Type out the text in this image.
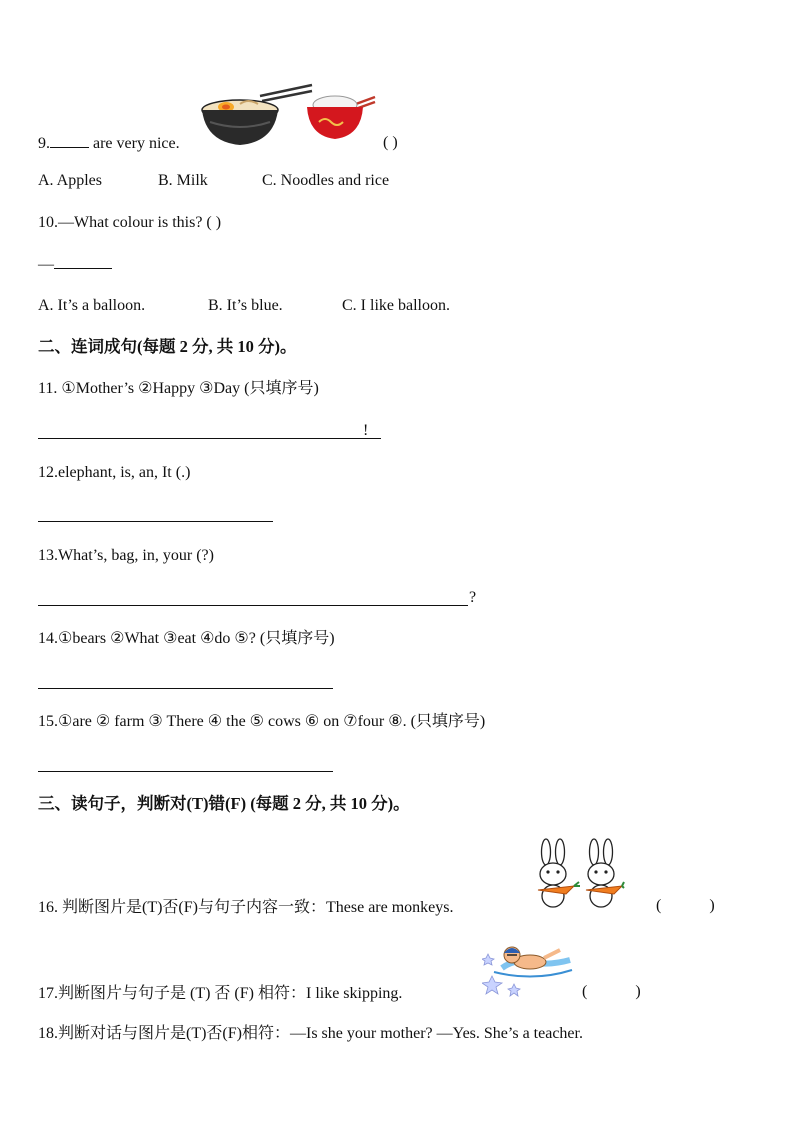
9. are very nice.	( )
A. Apples	B. Milk	C. Noodles and rice
10.—What colour is this? ( )
—
A. It’s a balloon.	B. It’s blue.	C. I like balloon.
二、连词成句(每题 2 分, 共 10 分)。
11. ①Mother’s ②Happy ③Day (只填序号)
!
12.elephant, is, an, It (.)
13.What’s, bag, in, your (?)
?
14.①bears ②What ③eat ④do ⑤? (只填序号)
15.①are ② farm ③ There ④ the ⑤ cows ⑥ on ⑦four ⑧. (只填序号)
三、读句子，判断对(T)错(F) (每题 2 分, 共 10 分)。
16. 判断图片是(T)否(F)与句子内容一致：These are monkeys.	(            )
17.判断图片与句子是 (T) 否 (F) 相符：I like skipping.	(            )
18.判断对话与图片是(T)否(F)相符：—Is she your mother? —Yes. She’s a teacher.
